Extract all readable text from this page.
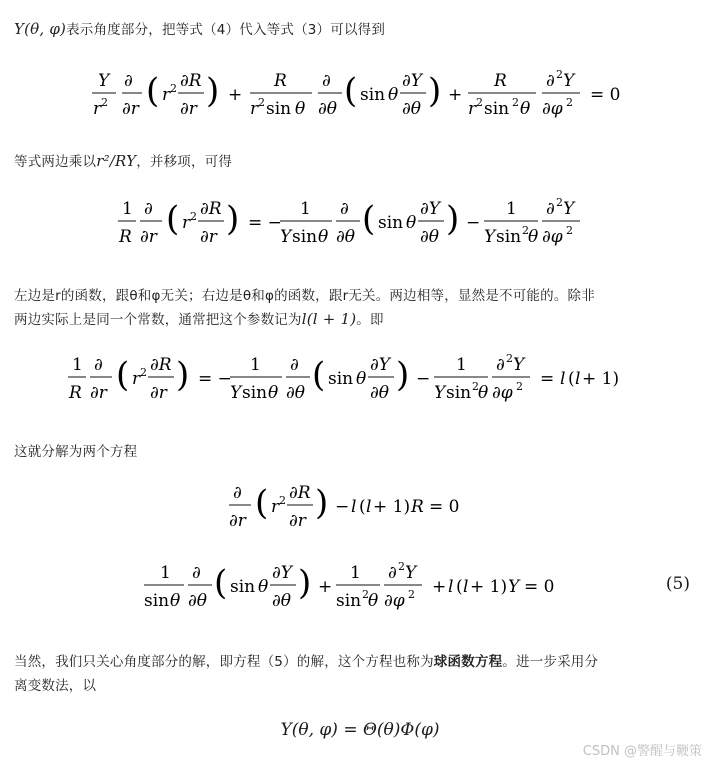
Y(θ, φ)表示角度部分，把等式（4）代入等式（3）可以得到
Y
r 2
∂
∂r ( r 2 ∂R
∂r ) +
R
r 2 sin θ
∂
∂θ ( sin θ
∂Y
∂θ ) +
R
r 2 sin 2 θ
∂ 2 Y
∂φ 2 = 0
等式两边乘以r²/RY，并移项，可得
1
R
∂
∂r ( r 2 ∂R
∂r ) = −
1
Y sin θ
∂
∂θ ( sin θ
∂Y
∂θ ) −
1
Y sin 2 θ
∂ 2 Y
∂φ 2
左边是r的函数，跟θ和φ无关；右边是θ和φ的函数，跟r无关。两边相等，显然是不可能的。除非
两边实际上是同一个常数，通常把这个参数记为l(l + 1)。即
1
R
∂
∂r ( r 2 ∂R
∂r ) = −
1
Y sin θ
∂
∂θ ( sin θ
∂Y
∂θ ) −
1
Y sin 2 θ
∂ 2 Y
∂φ 2 = l ( l + 1)
这就分解为两个方程
∂
∂r ( r 2 ∂R
∂r ) − l ( l + 1) R = 0
1
sin θ
∂
∂θ ( sin θ
∂Y
∂θ ) +
1
sin 2 θ
∂ 2 Y
∂φ 2 + l ( l + 1) Y = 0	(5)
当然，我们只关心角度部分的解，即方程（5）的解，这个方程也称为球函数方程。进一步采用分
离变数法，以
Y(θ, φ) = Θ(θ)Φ(φ)
CSDN @警醒与鞭策
